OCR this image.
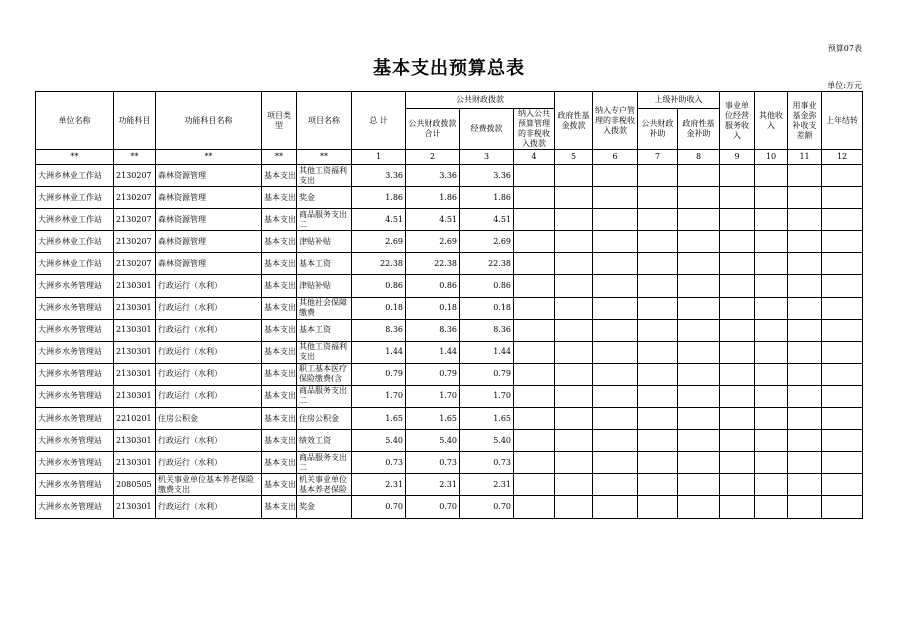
预算07表
基本支出预算总表
单位:万元
单位名称	功能科目	功能科目名称	项目类型	项目名称	总 计	公共财政拨款			政府性基金拨款	纳入专户管理的非税收入拨款	上级补助收入		事业单位经营服务收入	其他收入	用事业基金弥补收支差额	上年结转
						公共财政拨款合计	经费拨款	纳入公共预算管理的非税收入拨款								
											公共财政补助	政府性基金补助				
**	**	**	**	**	1	2	3	4	5	6	7	8	9	10	11	12
大洲乡林业工作站	2130207	森林资源管理	基本支出	其他工资福利支出	3.36	3.36	3.36									
大洲乡林业工作站	2130207	森林资源管理	基本支出	奖金	1.86	1.86	1.86									
大洲乡林业工作站	2130207	森林资源管理	基本支出	商品服务支出二	4.51	4.51	4.51									
大洲乡林业工作站	2130207	森林资源管理	基本支出	津贴补贴	2.69	2.69	2.69									
大洲乡林业工作站	2130207	森林资源管理	基本支出	基本工资	22.38	22.38	22.38									
大洲乡水务管理站	2130301	行政运行（水利）	基本支出	津贴补贴	0.86	0.86	0.86									
大洲乡水务管理站	2130301	行政运行（水利）	基本支出	其他社会保障缴费	0.18	0.18	0.18									
大洲乡水务管理站	2130301	行政运行（水利）	基本支出	基本工资	8.36	8.36	8.36									
大洲乡水务管理站	2130301	行政运行（水利）	基本支出	其他工资福利支出	1.44	1.44	1.44									
大洲乡水务管理站	2130301	行政运行（水利）	基本支出	职工基本医疗保险缴费(含	0.79	0.79	0.79									
大洲乡水务管理站	2130301	行政运行（水利）	基本支出	商品服务支出二	1.70	1.70	1.70									
大洲乡水务管理站	2210201	住房公积金	基本支出	住房公积金	1.65	1.65	1.65									
大洲乡水务管理站	2130301	行政运行（水利）	基本支出	绩效工资	5.40	5.40	5.40									
大洲乡水务管理站	2130301	行政运行（水利）	基本支出	商品服务支出二	0.73	0.73	0.73									
大洲乡水务管理站	2080505	机关事业单位基本养老保险缴费支出	基本支出	机关事业单位基本养老保险	2.31	2.31	2.31									
大洲乡水务管理站	2130301	行政运行（水利）	基本支出	奖金	0.70	0.70	0.70									
